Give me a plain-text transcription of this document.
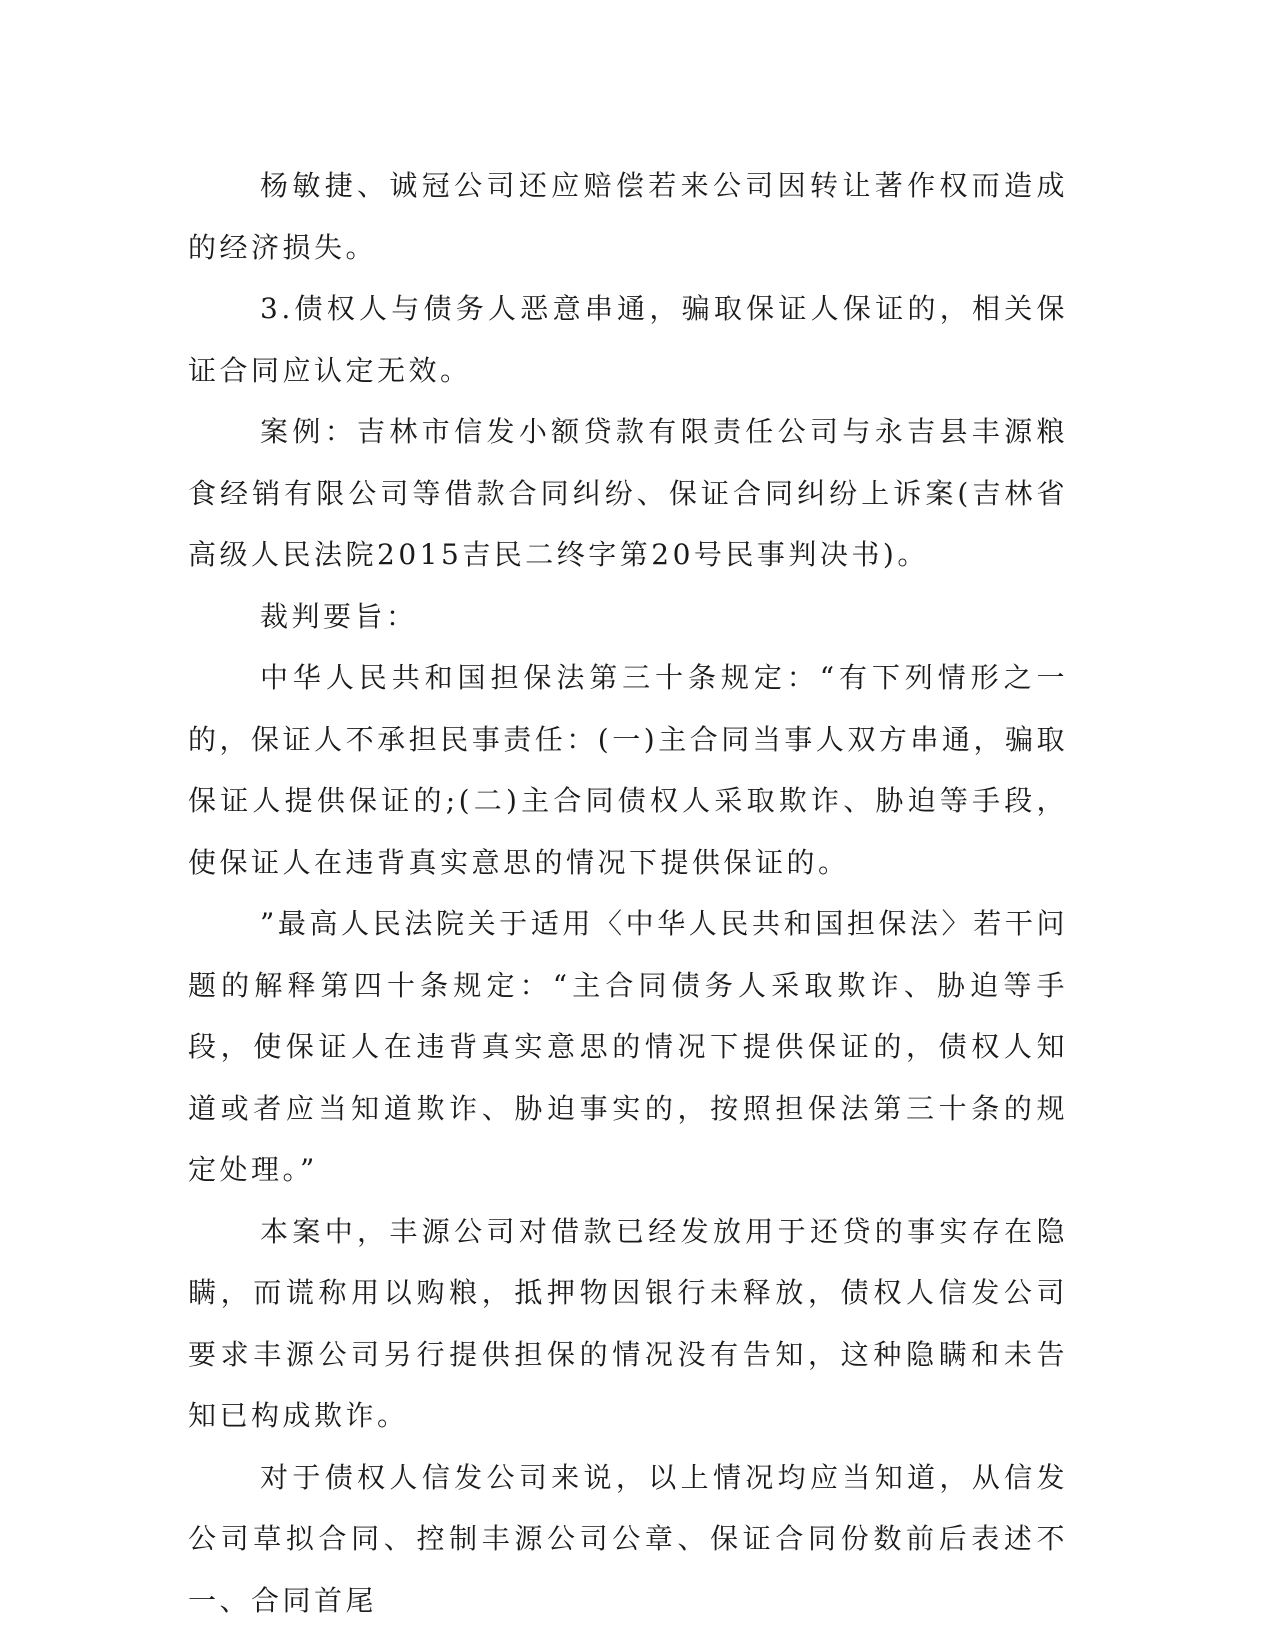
杨敏捷、诚冠公司还应赔偿若来公司因转让著作权而造成的经济损失。

3.债权人与债务人恶意串通，骗取保证人保证的，相关保证合同应认定无效。

案例：吉林市信发小额贷款有限责任公司与永吉县丰源粮食经销有限公司等借款合同纠纷、保证合同纠纷上诉案(吉林省高级人民法院2015吉民二终字第20号民事判决书)。

裁判要旨：

中华人民共和国担保法第三十条规定：“有下列情形之一的，保证人不承担民事责任：(一)主合同当事人双方串通，骗取保证人提供保证的;(二)主合同债权人采取欺诈、胁迫等手段，使保证人在违背真实意思的情况下提供保证的。

”最高人民法院关于适用〈中华人民共和国担保法〉若干问题的解释第四十条规定：“主合同债务人采取欺诈、胁迫等手段，使保证人在违背真实意思的情况下提供保证的，债权人知道或者应当知道欺诈、胁迫事实的，按照担保法第三十条的规定处理。”

本案中，丰源公司对借款已经发放用于还贷的事实存在隐瞒，而谎称用以购粮，抵押物因银行未释放，债权人信发公司要求丰源公司另行提供担保的情况没有告知，这种隐瞒和未告知已构成欺诈。

对于债权人信发公司来说，以上情况均应当知道，从信发公司草拟合同、控制丰源公司公章、保证合同份数前后表述不一、合同首尾
